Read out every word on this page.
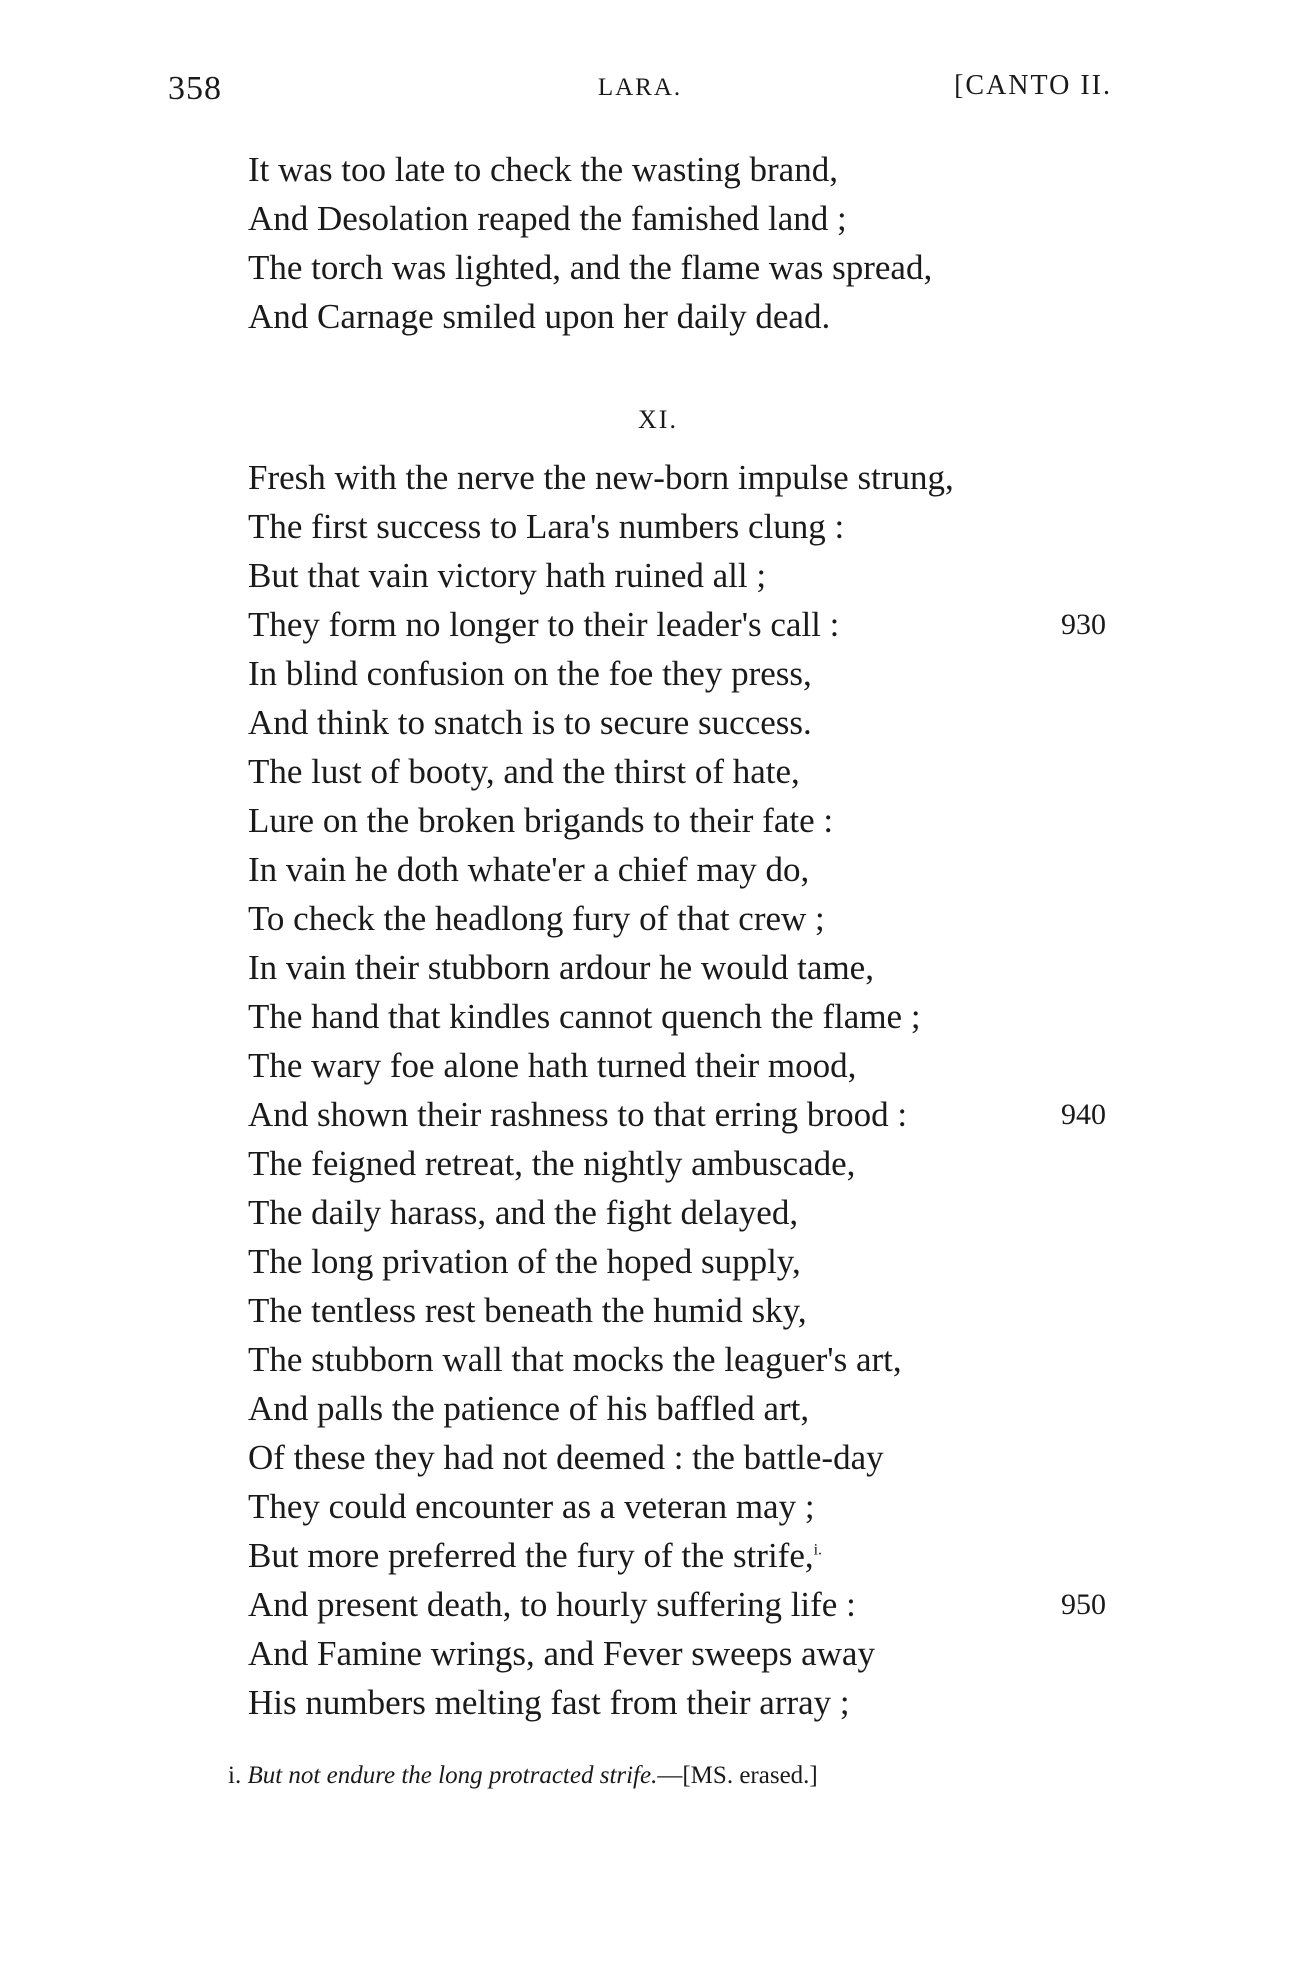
358	LARA.	[CANTO II.
It was too late to check the wasting brand,
And Desolation reaped the famished land ;
The torch was lighted, and the flame was spread,
And Carnage smiled upon her daily dead.
XI.
Fresh with the nerve the new-born impulse strung,
The first success to Lara's numbers clung :
But that vain victory hath ruined all ;
They form no longer to their leader's call :	930
In blind confusion on the foe they press,
And think to snatch is to secure success.
The lust of booty, and the thirst of hate,
Lure on the broken brigands to their fate :
In vain he doth whate'er a chief may do,
To check the headlong fury of that crew ;
In vain their stubborn ardour he would tame,
The hand that kindles cannot quench the flame ;
The wary foe alone hath turned their mood,
And shown their rashness to that erring brood :	940
The feigned retreat, the nightly ambuscade,
The daily harass, and the fight delayed,
The long privation of the hoped supply,
The tentless rest beneath the humid sky,
The stubborn wall that mocks the leaguer's art,
And palls the patience of his baffled art,
Of these they had not deemed : the battle-day
They could encounter as a veteran may ;
But more preferred the fury of the strife,$^{i.}$
And present death, to hourly suffering life :	950
And Famine wrings, and Fever sweeps away
His numbers melting fast from their array ;
i. But not endure the long protracted strife.—[MS. erased.]
